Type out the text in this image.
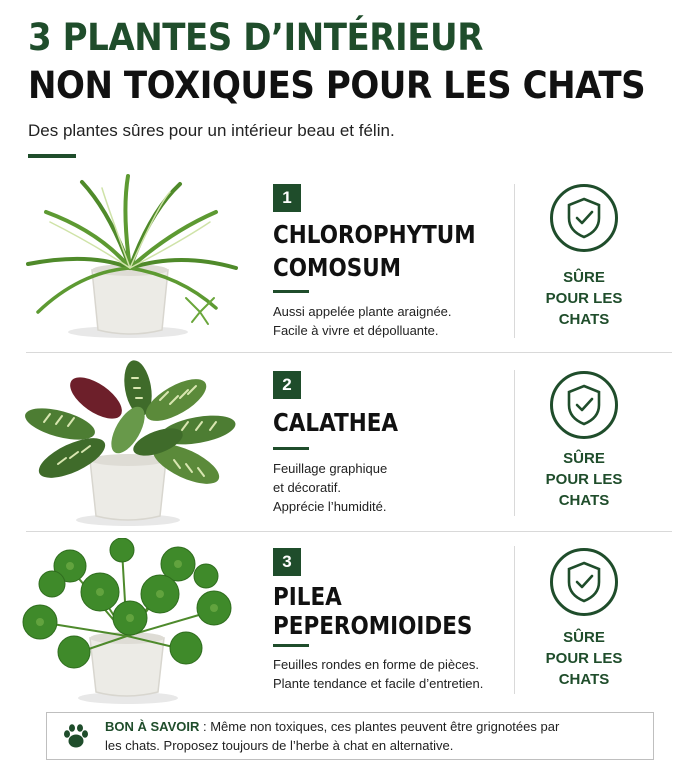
3 PLANTES D’INTÉRIEUR
NON TOXIQUES POUR LES CHATS
Des plantes sûres pour un intérieur beau et félin.
1
CHLOROPHYTUM
COMOSUM
Aussi appelée plante araignée.
Facile à vivre et dépolluante.
SÛRE
POUR LES
CHATS
2
CALATHEA
Feuillage graphique
et décoratif.
Apprécie l’humidité.
SÛRE
POUR LES
CHATS
3
PILEA
PEPEROMIOIDES
Feuilles rondes en forme de pièces.
Plante tendance et facile d’entretien.
SÛRE
POUR LES
CHATS
BON À SAVOIR : Même non toxiques, ces plantes peuvent être grignotées par
les chats. Proposez toujours de l’herbe à chat en alternative.
